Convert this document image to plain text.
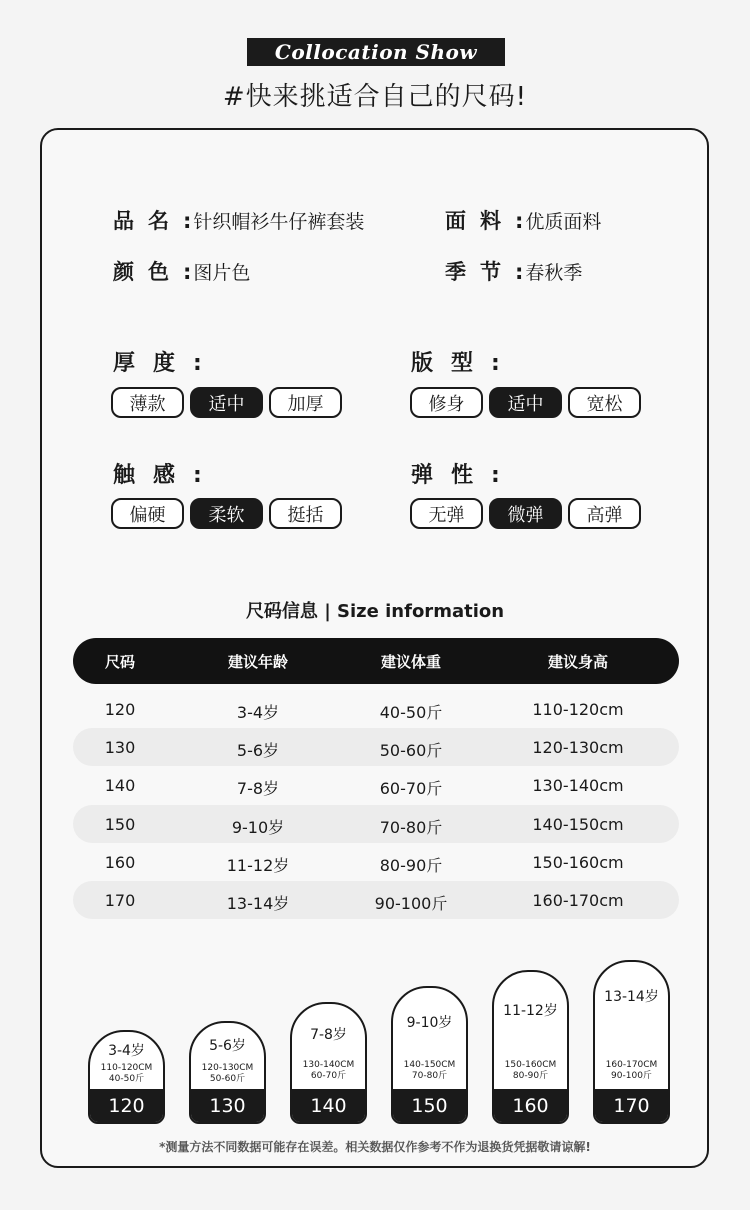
Collocation Show
#快来挑适合自己的尺码!
品名 : 针织帽衫牛仔裤套装	面料 : 优质面料
颜色 : 图片色	季节 : 春秋季
厚度:
薄款	适中	加厚
版型:
修身	适中	宽松
触感:
偏硬	柔软	挺括
弹性:
无弹	微弹	高弹
尺码信息 | Size information
尺码	建议年龄	建议体重	建议身高
120	3-4岁	40-50斤	110-120cm
130	5-6岁	50-60斤	120-130cm
140	7-8岁	60-70斤	130-140cm
150	9-10岁	70-80斤	140-150cm
160	11-12岁	80-90斤	150-160cm
170	13-14岁	90-100斤	160-170cm
3-4岁
110-120CM
40-50斤
120
5-6岁
120-130CM
50-60斤
130
7-8岁
130-140CM
60-70斤
140
9-10岁
140-150CM
70-80斤
150
11-12岁
150-160CM
80-90斤
160
13-14岁
160-170CM
90-100斤
170
*测量方法不同数据可能存在误差。相关数据仅作参考不作为退换货凭据敬请谅解!
